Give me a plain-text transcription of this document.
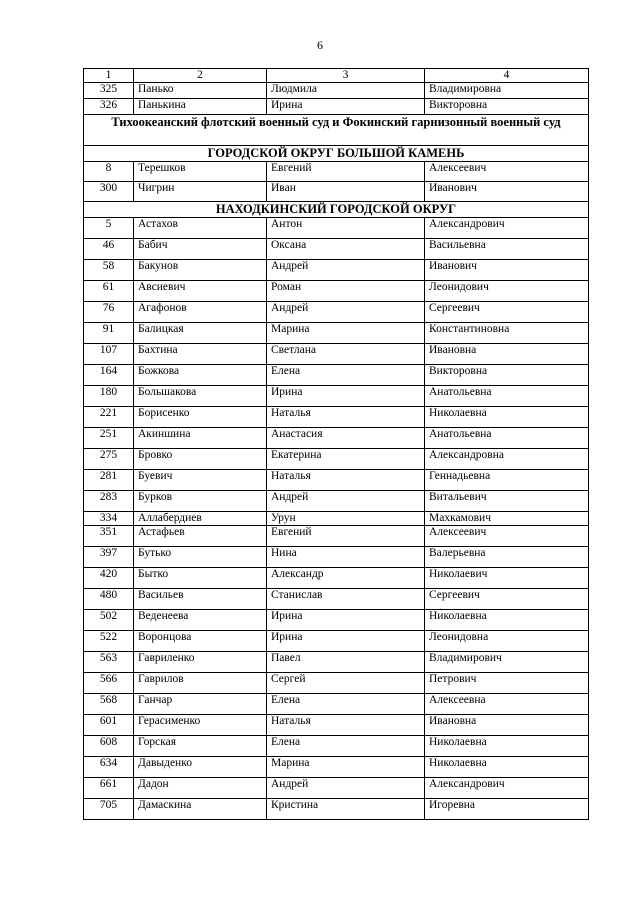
6
1	2	3	4
325	Панько	Людмила	Владимировна
326	Панькина	Ирина	Викторовна
Тихоокеанский флотский военный суд и Фокинский гарнизонный военный суд			
ГОРОДСКОЙ ОКРУГ БОЛЬШОЙ КАМЕНЬ			
8	Терешков	Евгений	Алексеевич
300	Чигрин	Иван	Иванович
НАХОДКИНСКИЙ ГОРОДСКОЙ ОКРУГ			
5	Астахов	Антон	Александрович
46	Бабич	Оксана	Васильевна
58	Бакунов	Андрей	Иванович
61	Авсиевич	Роман	Леонидович
76	Агафонов	Андрей	Сергеевич
91	Балицкая	Марина	Константиновна
107	Бахтина	Светлана	Ивановна
164	Божкова	Елена	Викторовна
180	Большакова	Ирина	Анатольевна
221	Борисенко	Наталья	Николаевна
251	Акиншина	Анастасия	Анатольевна
275	Бровко	Екатерина	Александровна
281	Буевич	Наталья	Геннадьевна
283	Бурков	Андрей	Витальевич
334	Аллабердиев	Урун	Махкамович
351	Астафьев	Евгений	Алексеевич
397	Бутько	Нина	Валерьевна
420	Бытко	Александр	Николаевич
480	Васильев	Станислав	Сергеевич
502	Веденеева	Ирина	Николаевна
522	Воронцова	Ирина	Леонидовна
563	Гавриленко	Павел	Владимирович
566	Гаврилов	Сергей	Петрович
568	Ганчар	Елена	Алексеевна
601	Герасименко	Наталья	Ивановна
608	Горская	Елена	Николаевна
634	Давыденко	Марина	Николаевна
661	Дадон	Андрей	Александрович
705	Дамаскина	Кристина	Игоревна
